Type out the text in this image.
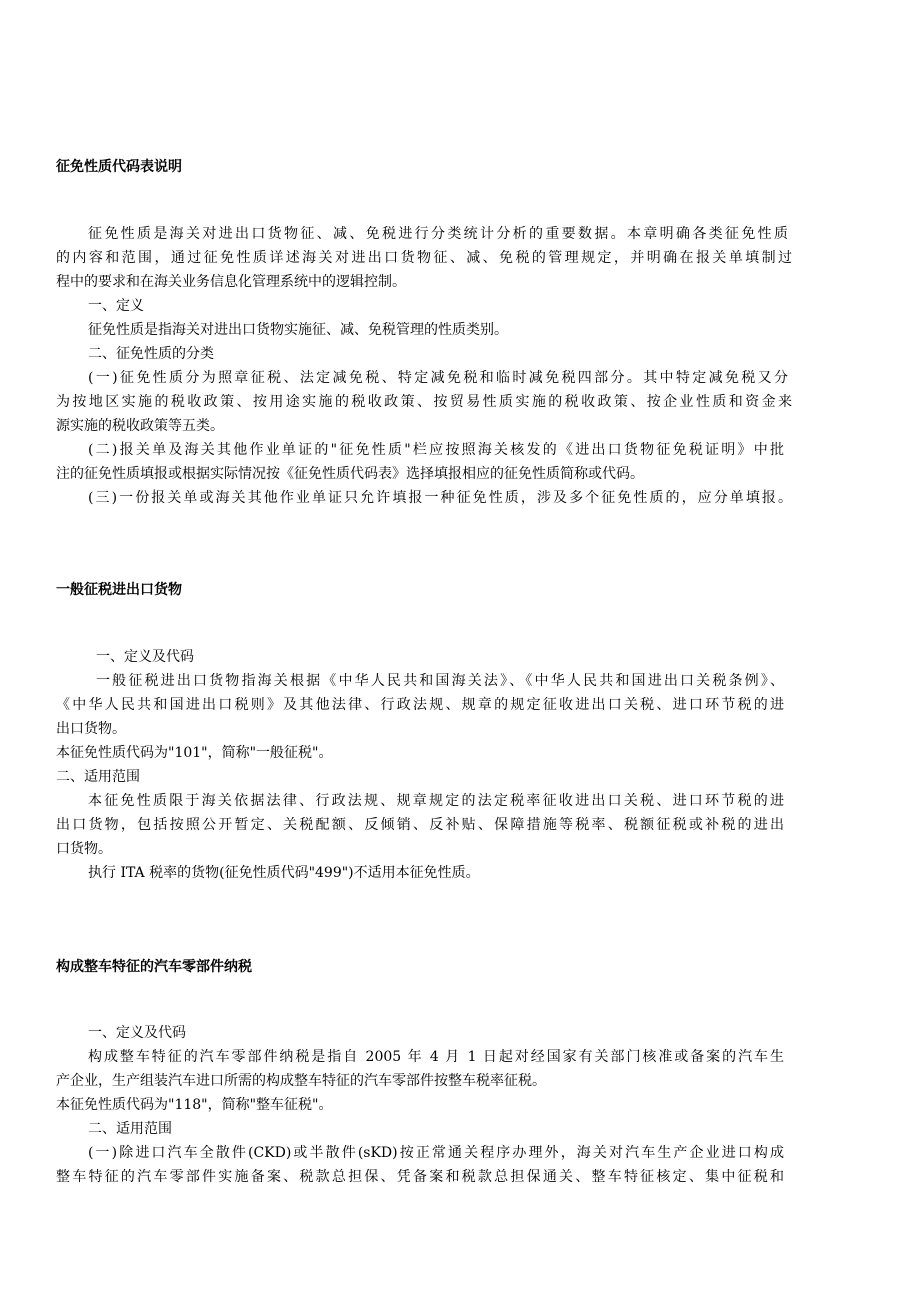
征免性质代码表说明
征免性质是海关对进出口货物征、减、免税进行分类统计分析的重要数据。本章明确各类征免性质
的内容和范围，通过征免性质详述海关对进出口货物征、减、免税的管理规定，并明确在报关单填制过
程中的要求和在海关业务信息化管理系统中的逻辑控制。
一、定义
征免性质是指海关对进出口货物实施征、减、免税管理的性质类别。
二、征免性质的分类
(一)征免性质分为照章征税、法定减免税、特定减免税和临时减免税四部分。其中特定减免税又分
为按地区实施的税收政策、按用途实施的税收政策、按贸易性质实施的税收政策、按企业性质和资金来
源实施的税收政策等五类。
(二)报关单及海关其他作业单证的"征免性质"栏应按照海关核发的《进出口货物征免税证明》中批
注的征免性质填报或根据实际情况按《征免性质代码表》选择填报相应的征免性质简称或代码。
(三)一份报关单或海关其他作业单证只允许填报一种征免性质，涉及多个征免性质的，应分单填报。
一般征税进出口货物
一、定义及代码
一般征税进出口货物指海关根据《中华人民共和国海关法》、《中华人民共和国进出口关税条例》、
《中华人民共和国进出口税则》及其他法律、行政法规、规章的规定征收进出口关税、进口环节税的进
出口货物。
本征免性质代码为"101"，简称"一般征税"。
二、适用范围
本征免性质限于海关依据法律、行政法规、规章规定的法定税率征收进出口关税、进口环节税的进
出口货物，包括按照公开暂定、关税配额、反倾销、反补贴、保障措施等税率、税额征税或补税的进出
口货物。
执行 ITA 税率的货物(征免性质代码"499")不适用本征免性质。
构成整车特征的汽车零部件纳税
一、定义及代码
构成整车特征的汽车零部件纳税是指自 2005 年 4 月 1 日起对经国家有关部门核准或备案的汽车生
产企业，生产组装汽车进口所需的构成整车特征的汽车零部件按整车税率征税。
本征免性质代码为"118"，简称"整车征税"。
二、适用范围
(一)除进口汽车全散件(CKD)或半散件(sKD)按正常通关程序办理外，海关对汽车生产企业进口构成
整车特征的汽车零部件实施备案、税款总担保、凭备案和税款总担保通关、整车特征核定、集中征税和
